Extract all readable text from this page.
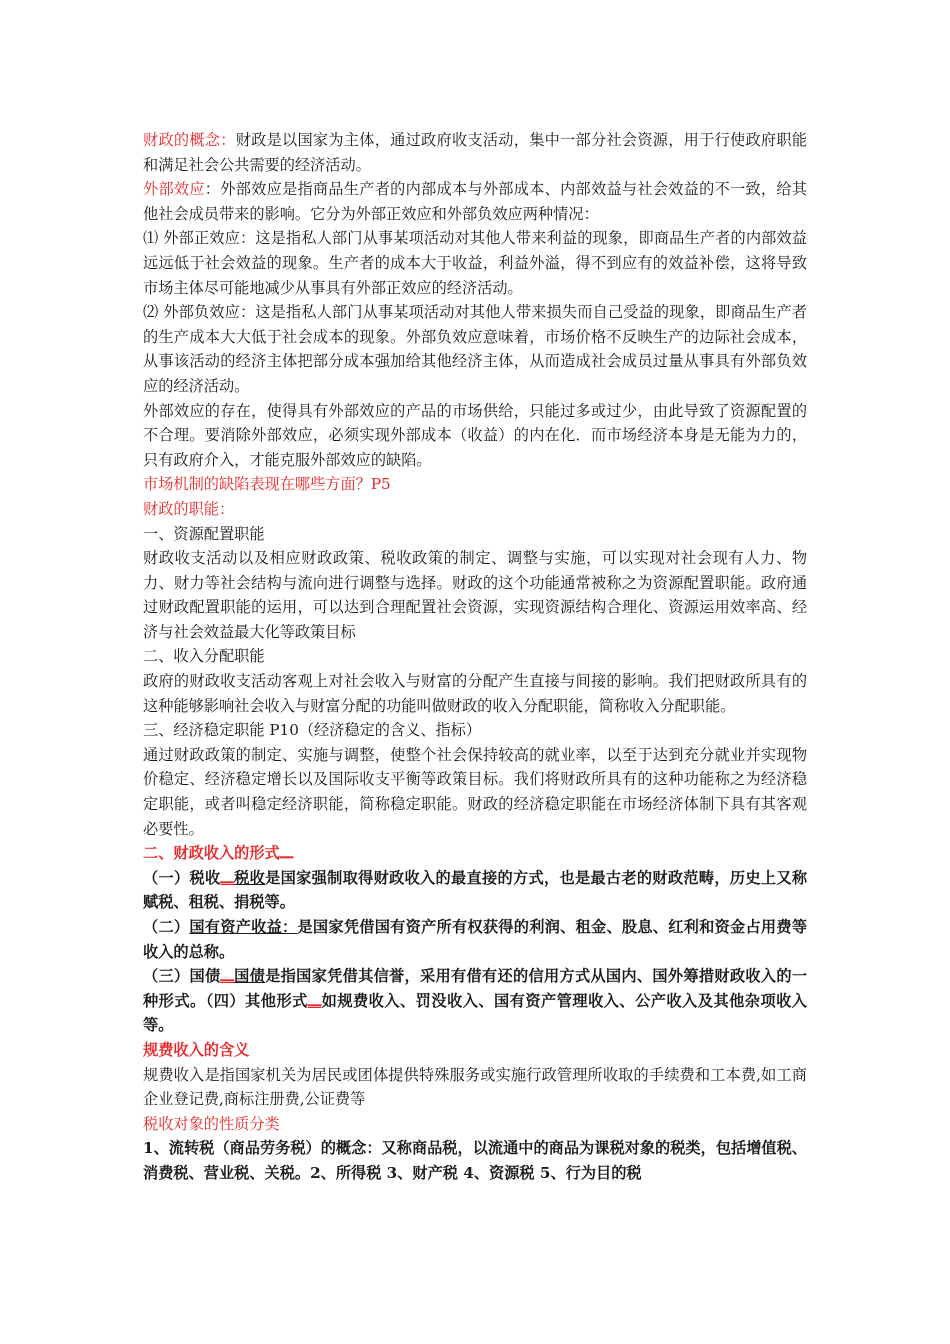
财政的概念：财政是以国家为主体，通过政府收支活动，集中一部分社会资源，用于行使政府职能和满足社会公共需要的经济活动。

外部效应：外部效应是指商品生产者的内部成本与外部成本、内部效益与社会效益的不一致，给其他社会成员带来的影响。它分为外部正效应和外部负效应两种情况：

⑴ 外部正效应：这是指私人部门从事某项活动对其他人带来利益的现象，即商品生产者的内部效益远远低于社会效益的现象。生产者的成本大于收益，利益外溢，得不到应有的效益补偿，这将导致市场主体尽可能地减少从事具有外部正效应的经济活动。

⑵ 外部负效应：这是指私人部门从事某项活动对其他人带来损失而自己受益的现象，即商品生产者的生产成本大大低于社会成本的现象。外部负效应意味着，市场价格不反映生产的边际社会成本，从事该活动的经济主体把部分成本强加给其他经济主体，从而造成社会成员过量从事具有外部负效应的经济活动。

外部效应的存在，使得具有外部效应的产品的市场供给，只能过多或过少，由此导致了资源配置的不合理。要消除外部效应，必须实现外部成本（收益）的内在化．而市场经济本身是无能为力的，只有政府介入，才能克服外部效应的缺陷。

市场机制的缺陷表现在哪些方面？P5

财政的职能：

一、资源配置职能

财政收支活动以及相应财政政策、税收政策的制定、调整与实施，可以实现对社会现有人力、物力、财力等社会结构与流向进行调整与选择。财政的这个功能通常被称之为资源配置职能。政府通过财政配置职能的运用，可以达到合理配置社会资源，实现资源结构合理化、资源运用效率高、经济与社会效益最大化等政策目标

二、收入分配职能

政府的财政收支活动客观上对社会收入与财富的分配产生直接与间接的影响。我们把财政所具有的这种能够影响社会收入与财富分配的功能叫做财政的收入分配职能，简称收入分配职能。

三、经济稳定职能 P10（经济稳定的含义、指标）

通过财政政策的制定、实施与调整，使整个社会保持较高的就业率，以至于达到充分就业并实现物价稳定、经济稳定增长以及国际收支平衡等政策目标。我们将财政所具有的这种功能称之为经济稳定职能，或者叫稳定经济职能，简称稳定职能。财政的经济稳定职能在市场经济体制下具有其客观必要性。

二、财政收入的形式ـــ

（一）税收ـــ税收是国家强制取得财政收入的最直接的方式，也是最古老的财政范畴，历史上又称赋税、租税、捐税等。

（二）国有资产收益：是国家凭借国有资产所有权获得的利润、租金、股息、红利和资金占用费等收入的总称。

（三）国债ـــ国债是指国家凭借其信誉，采用有借有还的信用方式从国内、国外筹措财政收入的一种形式。（四）其他形式ـــ如规费收入、罚没收入、国有资产管理收入、公产收入及其他杂项收入等。

规费收入的含义

规费收入是指国家机关为居民或团体提供特殊服务或实施行政管理所收取的手续费和工本费,如工商企业登记费,商标注册费,公证费等

税收对象的性质分类

1、流转税（商品劳务税）的概念：又称商品税，以流通中的商品为课税对象的税类，包括增值税、消费税、营业税、关税。2、所得税 3、财产税 4、资源税 5、行为目的税
